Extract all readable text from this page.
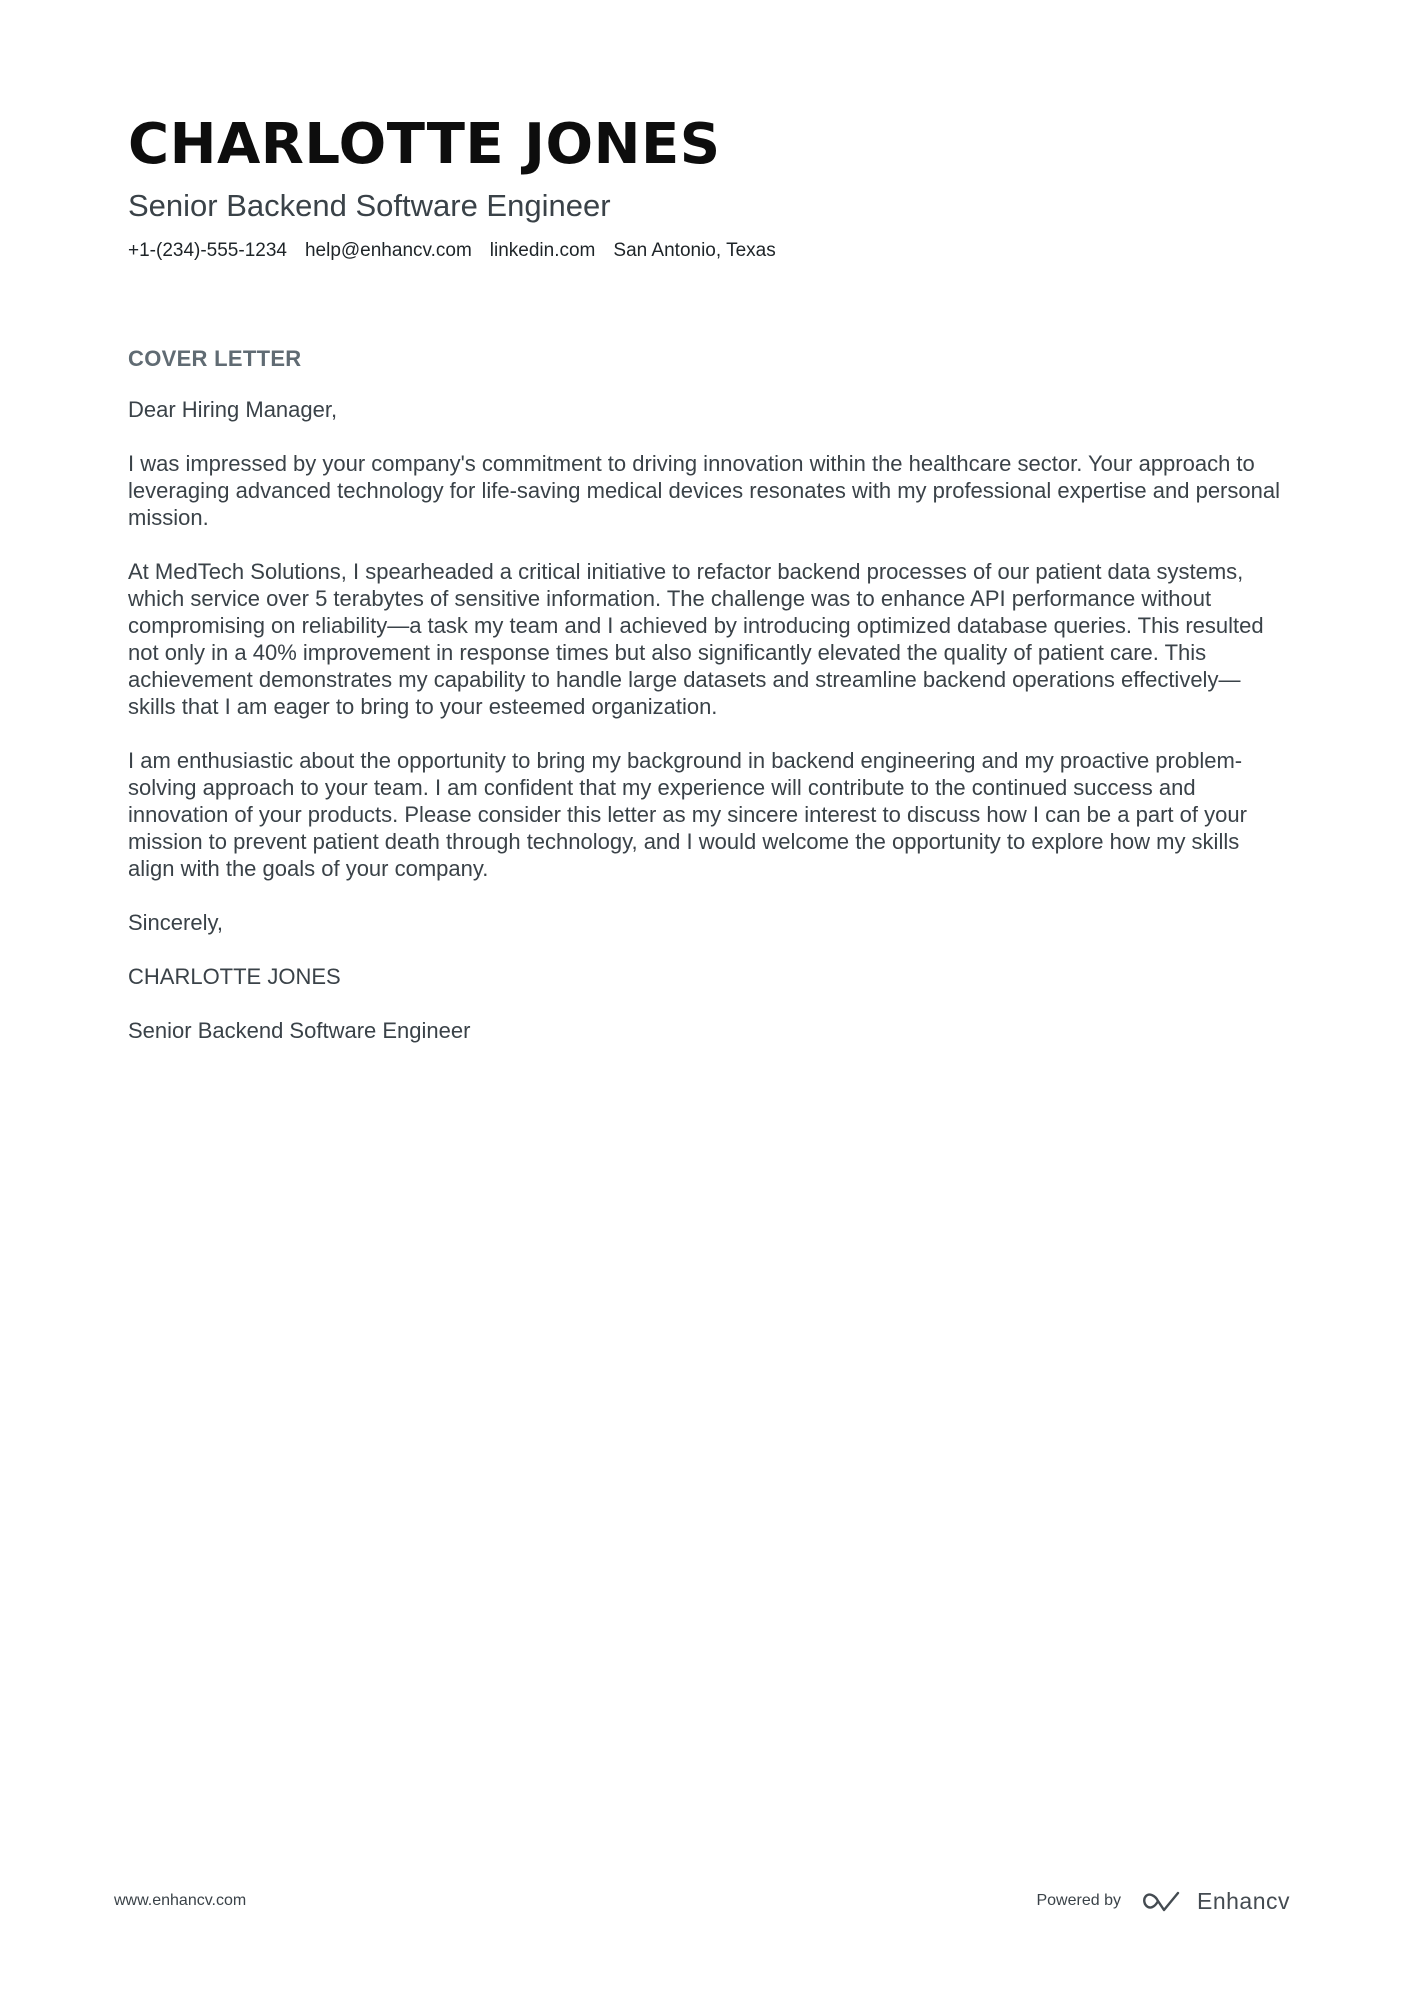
CHARLOTTE JONES
Senior Backend Software Engineer
+1-(234)-555-1234 help@enhancv.com linkedin.com San Antonio, Texas
COVER LETTER

Dear Hiring Manager,

I was impressed by your company's commitment to driving innovation within the healthcare sector. Your approach to leveraging advanced technology for life-saving medical devices resonates with my professional expertise and personal mission.

At MedTech Solutions, I spearheaded a critical initiative to refactor backend processes of our patient data systems, which service over 5 terabytes of sensitive information. The challenge was to enhance API performance without compromising on reliability—a task my team and I achieved by introducing optimized database queries. This resulted not only in a 40% improvement in response times but also significantly elevated the quality of patient care. This achievement demonstrates my capability to handle large datasets and streamline backend operations effectively—skills that I am eager to bring to your esteemed organization.

I am enthusiastic about the opportunity to bring my background in backend engineering and my proactive problem-solving approach to your team. I am confident that my experience will contribute to the continued success and innovation of your products. Please consider this letter as my sincere interest to discuss how I can be a part of your mission to prevent patient death through technology, and I would welcome the opportunity to explore how my skills align with the goals of your company.

Sincerely,

CHARLOTTE JONES

Senior Backend Software Engineer

www.enhancv.com	Powered by	Enhancv
